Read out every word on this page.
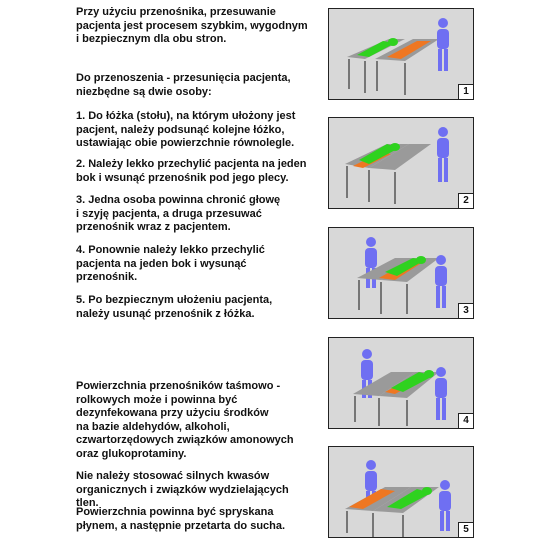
Przy użyciu przenośnika, przesuwanie
pacjenta jest procesem szybkim, wygodnym
i bezpiecznym dla obu stron.

Do przenoszenia - przesunięcia pacjenta,
niezbędne są dwie osoby:

1. Do łóżka (stołu), na którym ułożony jest
pacjent, należy podsunąć kolejne łóżko,
ustawiając obie powierzchnie równolegle.

2. Należy lekko przechylić pacjenta na jeden
bok i wsunąć przenośnik pod jego plecy.

3. Jedna osoba powinna chronić głowę
i szyję pacjenta, a druga przesuwać
przenośnik wraz z pacjentem.

4. Ponownie należy lekko przechylić
pacjenta na jeden bok i wysunąć
przenośnik.

5. Po bezpiecznym ułożeniu pacjenta,
należy usunąć przenośnik z łóżka.

Powierzchnia przenośników taśmowo -
rolkowych może i powinna być
dezynfekowana przy użyciu środków
na bazie aldehydów, alkoholi,
czwartorzędowych związków amonowych
oraz glukoprotaminy.

Nie należy stosować silnych kwasów
organicznych i związków wydzielających tlen.

Powierzchnia powinna być spryskana
płynem, a następnie przetarta do sucha.

1
2
3
4
5
